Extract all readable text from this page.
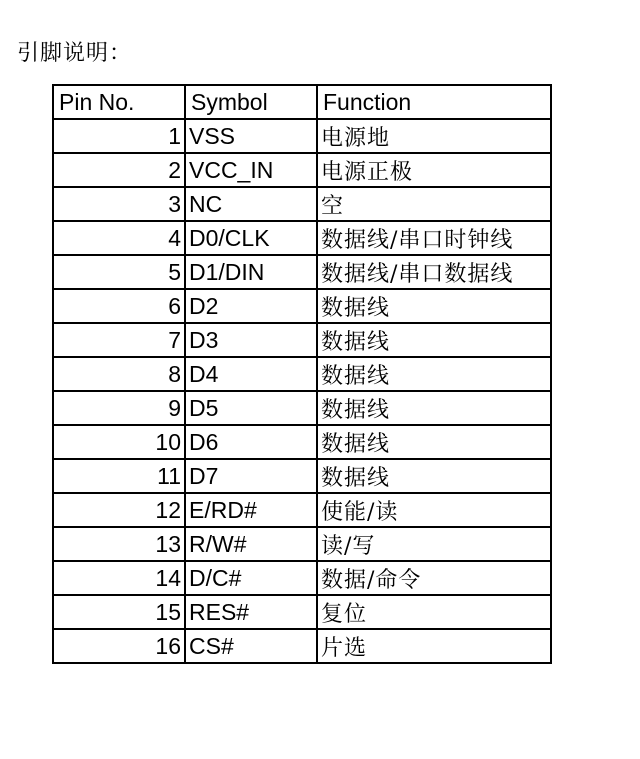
引脚说明：
Pin No.	Symbol	Function
1	VSS	电源地
2	VCC_IN	电源正极
3	NC	空
4	D0/CLK	数据线/串口时钟线
5	D1/DIN	数据线/串口数据线
6	D2	数据线
7	D3	数据线
8	D4	数据线
9	D5	数据线
10	D6	数据线
11	D7	数据线
12	E/RD#	使能/读
13	R/W#	读/写
14	D/C#	数据/命令
15	RES#	复位
16	CS#	片选
